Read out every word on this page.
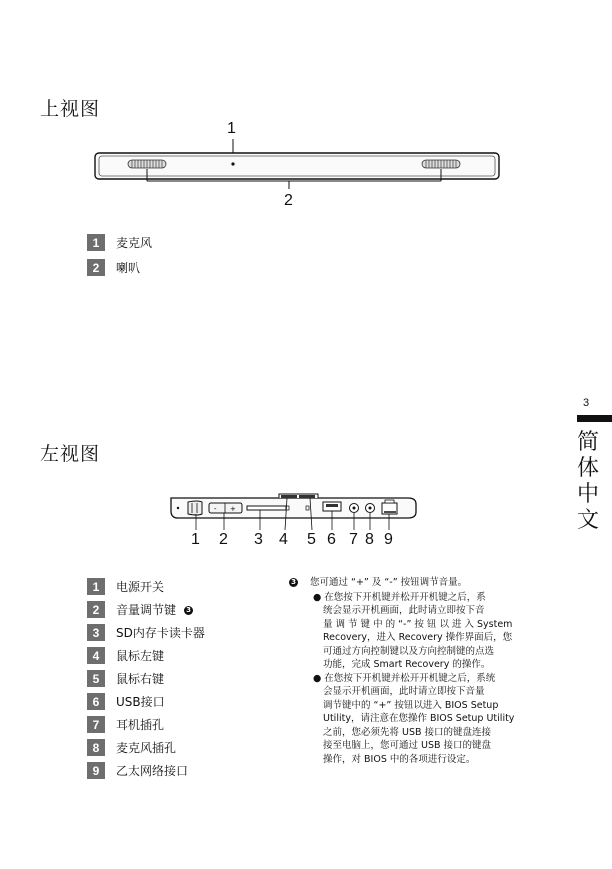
上视图
1
2
1	麦克风
2	喇叭
3
简
体
中
文
左视图
- +
1 2 3 4 5 6 7 8 9
1	电源开关
2	音量调节键 3
3	SD内存卡读卡器
4	鼠标左键
5	鼠标右键
6	USB接口
7	耳机插孔
8	麦克风插孔
9	乙太网络接口
3 您可通过 “+” 及 “-” 按钮调节音量。
● 在您按下开机键并松开开机键之后，系
统会显示开机画面，此时请立即按下音
量 调 节 键 中 的 “-” 按 钮 以 进 入 System
Recovery，进入 Recovery 操作界面后，您
可通过方向控制键以及方向控制键的点选
功能，完成 Smart Recovery 的操作。
● 在您按下开机键并松开开机键之后，系统
会显示开机画面，此时请立即按下音量
调节键中的 “+” 按钮以进入 BIOS Setup
Utility，请注意在您操作 BIOS Setup Utility
之前，您必须先将 USB 接口的键盘连接
接至电脑上，您可通过 USB 接口的键盘
操作，对 BIOS 中的各项进行设定。
